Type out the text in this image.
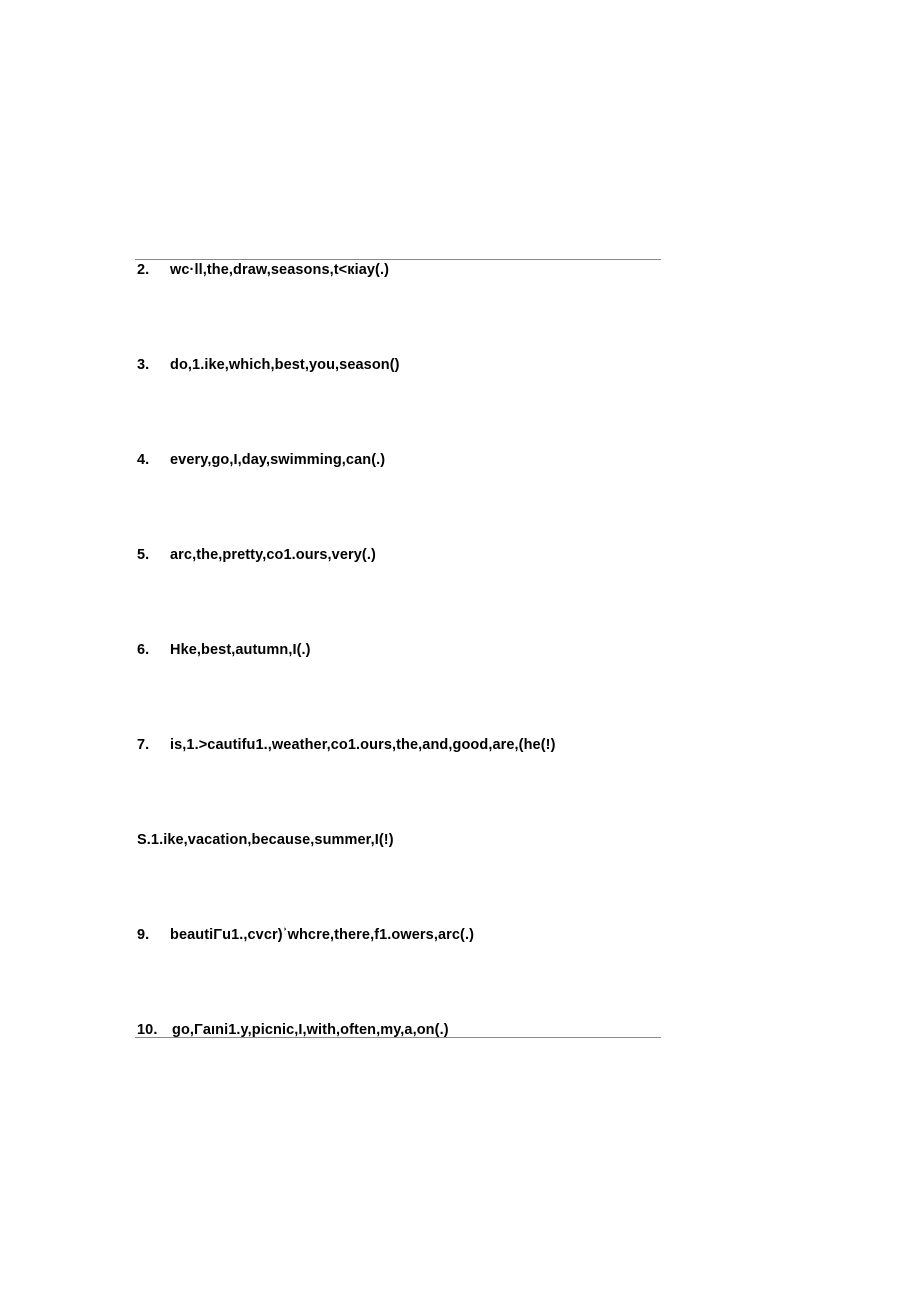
2. wc·ll,the,draw,seasons,t<кiay(.)
3. do,1.ike,which,best,you,season()
4. every,go,I,day,swimming,can(.)
5. arc,the,pretty,co1.ours,very(.)
6. Hke,best,autumn,I(.)
7. is,1.>cautifu1.,weather,co1.ours,the,and,good,are,(he(!)
S.1.ike,vacation,because,summer,I(!)
9. beautiΓu1.,cvcr)ʾwhcre,there,f1.owers,arc(.)
10. go,Γaıni1.y,picnic,I,with,often,my,a,on(.)
